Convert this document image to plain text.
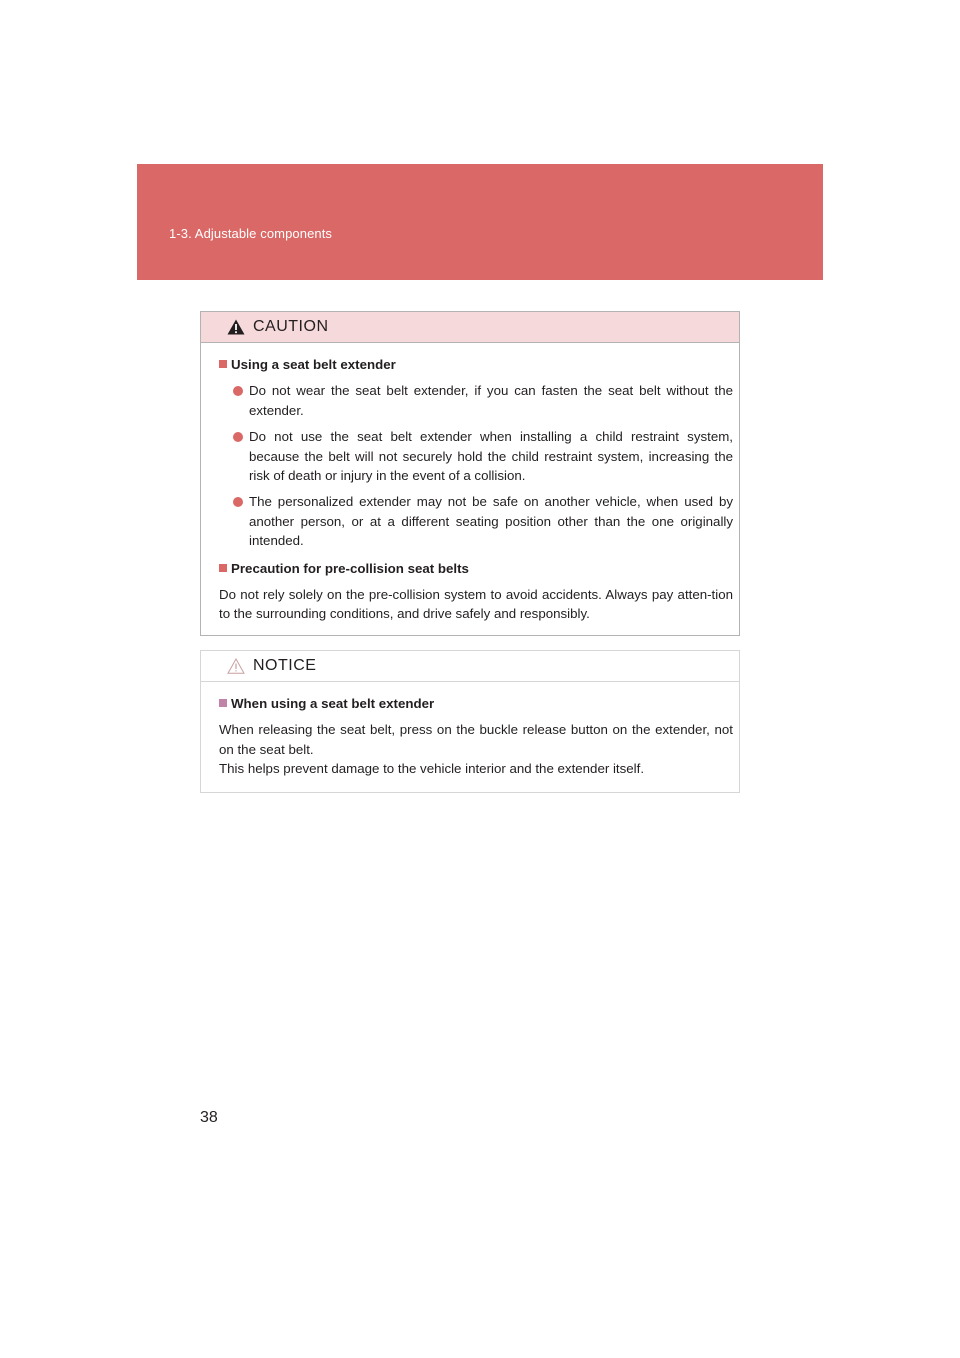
1-3. Adjustable components
CAUTION
Using a seat belt extender
Do not wear the seat belt extender, if you can fasten the seat belt without the extender.
Do not use the seat belt extender when installing a child restraint system, because the belt will not securely hold the child restraint system, increasing the risk of death or injury in the event of a collision.
The personalized extender may not be safe on another vehicle, when used by another person, or at a different seating position other than the one originally intended.
Precaution for pre-collision seat belts
Do not rely solely on the pre-collision system to avoid accidents. Always pay atten-tion to the surrounding conditions, and drive safely and responsibly.
NOTICE
When using a seat belt extender
When releasing the seat belt, press on the buckle release button on the extender, not on the seat belt.
This helps prevent damage to the vehicle interior and the extender itself.
38
